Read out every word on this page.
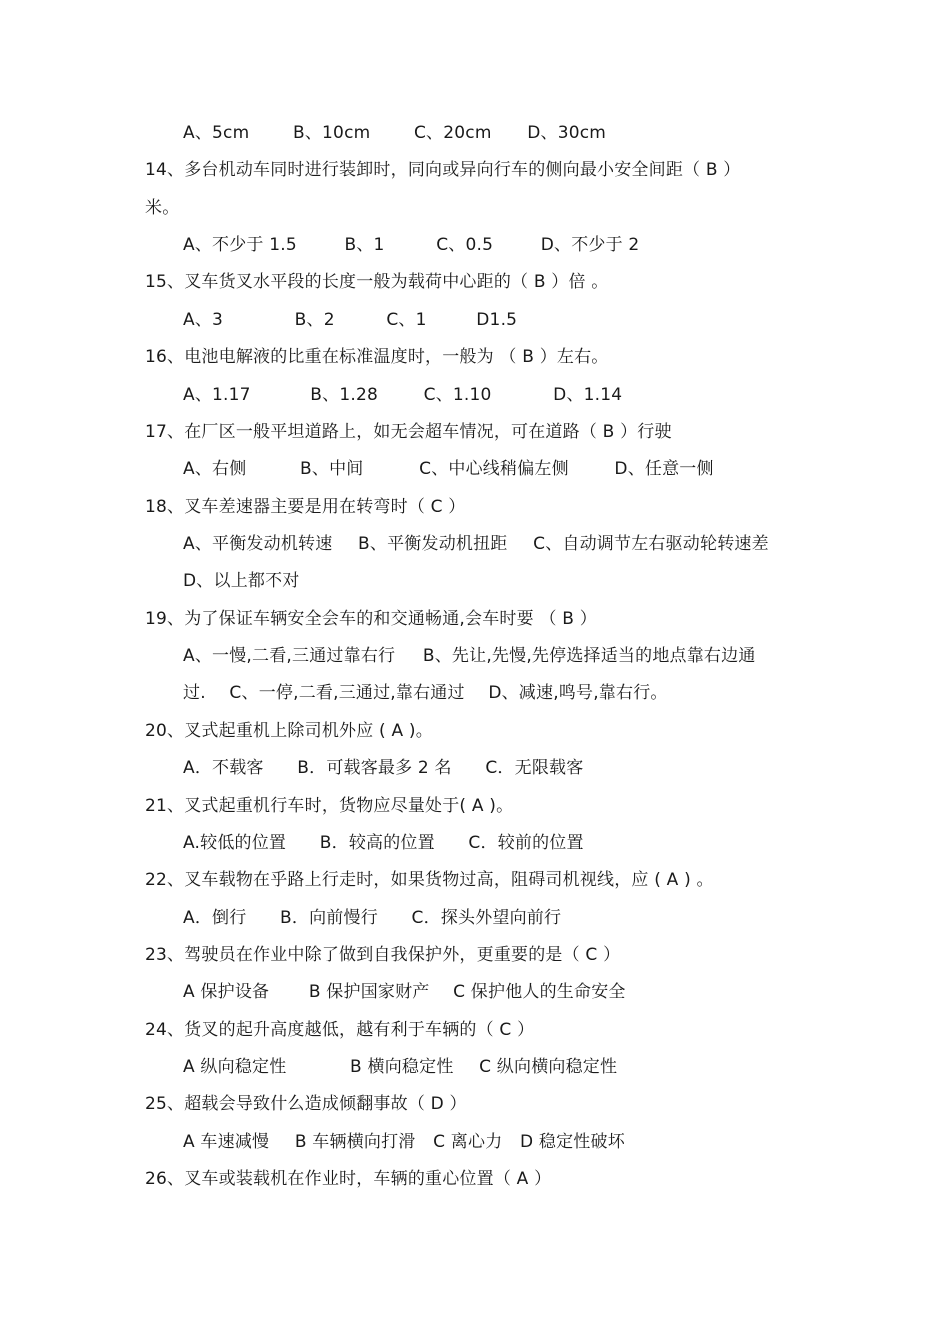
A、5cm	B、10cm	C、20cm D、30cm
14、多台机动车同时进行装卸时，同向或异向行车的侧向最小安全间距（ B ）
米。
A、不少于 1.5	B、1	C、0.5	D、不少于 2
15、叉车货叉水平段的长度一般为载荷中心距的（ B ）倍 。
A、3	B、2	C、1	D1.5
16、电池电解液的比重在标准温度时，一般为 （ B ）左右。
A、1.17	B、1.28	C、1.10	D、1.14
17、在厂区一般平坦道路上，如无会超车情况，可在道路（ B ）行驶
A、右侧	B、中间	C、中心线稍偏左侧	D、任意一侧
18、叉车差速器主要是用在转弯时（ C ）
A、平衡发动机转速 B、平衡发动机扭距 C、自动调节左右驱动轮转速差
D、以上都不对
19、为了保证车辆安全会车的和交通畅通,会车时要 （ B ）
A、一慢,二看,三通过靠右行 B、先让,先慢,先停选择适当的地点靠右边通
过. C、一停,二看,三通过,靠右通过 D、减速,鸣号,靠右行。
20、叉式起重机上除司机外应 ( A )。
A．不载客 B．可载客最多 2 名 C．无限载客
21、叉式起重机行车时，货物应尽量处于( A )。
A.较低的位置 B．较高的位置 C．较前的位置
22、叉车载物在乎路上行走时，如果货物过高，阻碍司机视线，应 ( A ) 。
A．倒行 B．向前慢行 C．探头外望向前行
23、驾驶员在作业中除了做到自我保护外，更重要的是（ C ）
A 保护设备 B 保护国家财产 C 保护他人的生命安全
24、货叉的起升高度越低，越有利于车辆的（ C ）
A 纵向稳定性	B 横向稳定性 C 纵向横向稳定性
25、超载会导致什么造成倾翻事故（ D ）
A 车速减慢 B 车辆横向打滑 C 离心力 D 稳定性破坏
26、叉车或装载机在作业时，车辆的重心位置（ A ）
